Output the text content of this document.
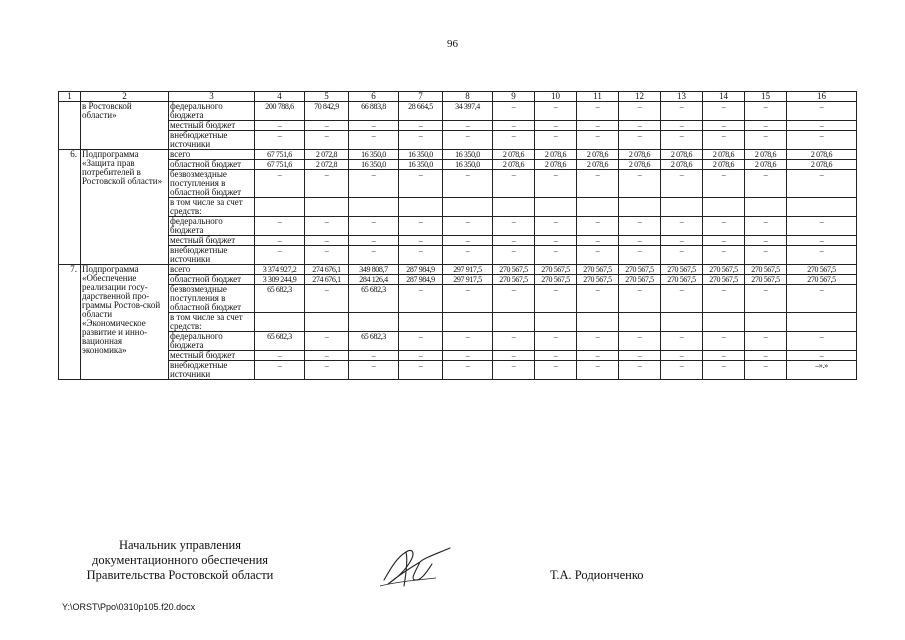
96
1	2	3	4	5	6	7	8	9	10	11	12	13	14	15	16
	в Ростовской области»	федерального бюджета	200 788,6	70 842,9	66 883,8	28 664,5	34 397,4	–	–	–	–	–	–	–	–
		местный бюджет	–	–	–	–	–	–	–	–	–	–	–	–	–
		внебюджетные источники	–	–	–	–	–	–	–	–	–	–	–	–	–
6.	Подпрограмма «Защита прав потребителей в Ростовской области»	всего	67 751,6	2 072,8	16 350,0	16 350,0	16 350,0	2 078,6	2 078,6	2 078,6	2 078,6	2 078,6	2 078,6	2 078,6	2 078,6
		областной бюджет	67 751,6	2 072,8	16 350,0	16 350,0	16 350,0	2 078,6	2 078,6	2 078,6	2 078,6	2 078,6	2 078,6	2 078,6	2 078,6
		безвозмездные поступления в областной бюджет	–	–	–	–	–	–	–	–	–	–	–	–	–
		в том числе за счет средств:													
		федерального бюджета	–	–	–	–	–	–	–	–	–	–	–	–	–
		местный бюджет	–	–	–	–	–	–	–	–	–	–	–	–	–
		внебюджетные источники	–	–	–	–	–	–	–	–	–	–	–	–	–
7.	Подпрограмма «Обеспечение реализации госу-дарственной про-граммы Ростов-ской области «Экономическое развитие и инно-вационная экономика»	всего	3 374 927,2	274 676,1	349 808,7	287 984,9	297 917,5	270 567,5	270 567,5	270 567,5	270 567,5	270 567,5	270 567,5	270 567,5	270 567,5
		областной бюджет	3 309 244,9	274 676,1	284 126,4	287 984,9	297 917,5	270 567,5	270 567,5	270 567,5	270 567,5	270 567,5	270 567,5	270 567,5	270 567,5
		безвозмездные поступления в областной бюджет	65 682,3	–	65 682,3	–	–	–	–	–	–	–	–	–	–
		в том числе за счет средств:													
		федерального бюджета	65 682,3	–	65 682,3	–	–	–	–	–	–	–	–	–	–
		местный бюджет	–	–	–	–	–	–	–	–	–	–	–	–	–
		внебюджетные источники	–	–	–	–	–	–	–	–	–	–	–	–	–».»
Начальник управления
документационного обеспечения
Правительства Ростовской области	Т.А. Родионченко
Y:\ORST\Ppo\0310p105.f20.docx
